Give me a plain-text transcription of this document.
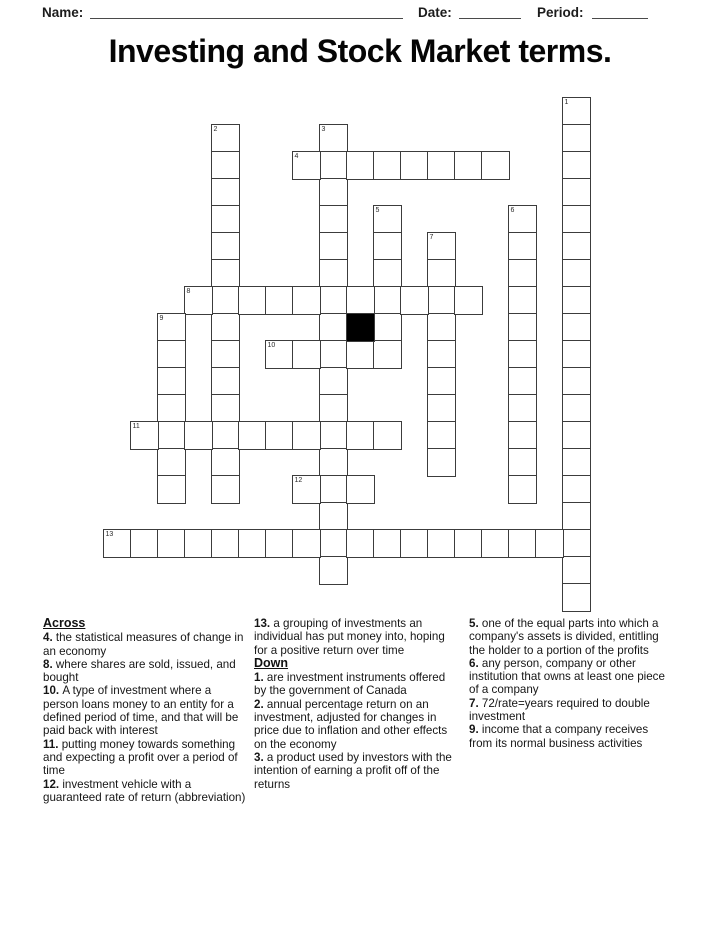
Name:	Date:	Period:
Investing and Stock Market terms.
1
2	3
4
5	6
7
8
9
10
11
12
13
Across
4. the statistical measures of change in an economy
8. where shares are sold, issued, and bought
10. A type of investment where a person loans money to an entity for a defined period of time, and that will be paid back with interest
11. putting money towards something and expecting a profit over a period of time
12. investment vehicle with a guaranteed rate of return (abbreviation)
13. a grouping of investments an individual has put money into, hoping for a positive return over time
Down
1. are investment instruments offered by the government of Canada
2. annual percentage return on an investment, adjusted for changes in price due to inflation and other effects on the economy
3. a product used by investors with the intention of earning a profit off of the returns
5. one of the equal parts into which a company's assets is divided, entitling the holder to a portion of the profits
6. any person, company or other institution that owns at least one piece of a company
7. 72/rate=years required to double investment
9. income that a company receives from its normal business activities
